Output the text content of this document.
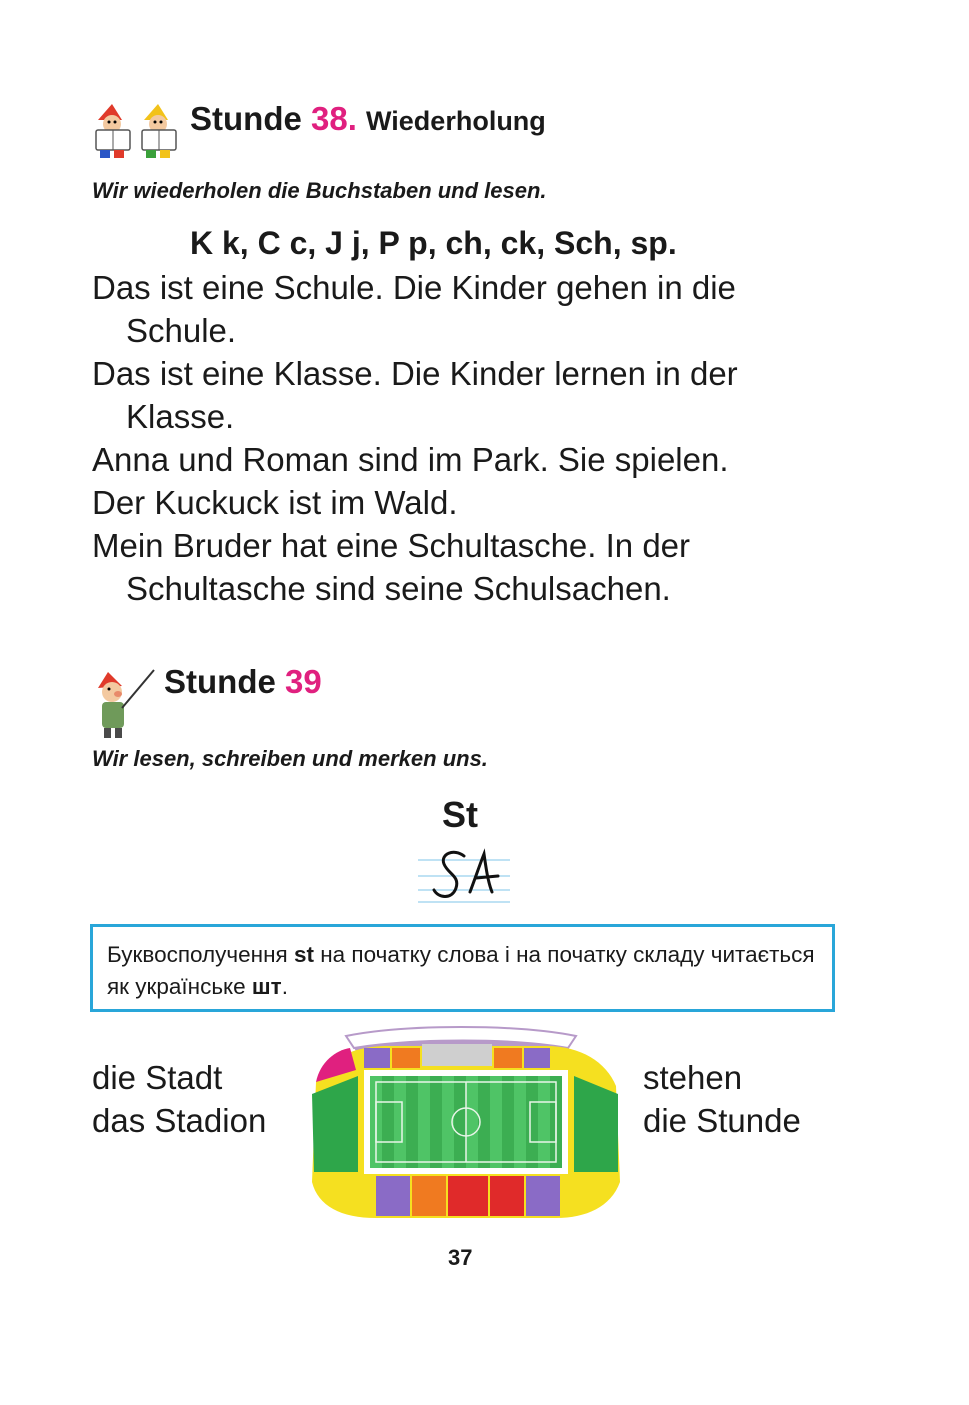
Stunde 38. Wiederholung
Wir wiederholen die Buchstaben und lesen.
K k, C c, J j, P p, ch, ck, Sch, sp.
Das ist eine Schule. Die Kinder gehen in die
Schule.
Das ist eine Klasse. Die Kinder lernen in der
Klasse.
Anna und Roman sind im Park. Sie spielen.
Der Kuckuck ist im Wald.
Mein Bruder hat eine Schultasche. In der
Schultasche sind seine Schulsachen.
Stunde 39
Wir lesen, schreiben und merken uns.
St
Буквосполучення st на початку слова і на початку складу читається як українське шт.
die Stadt
das Stadion
stehen
die Stunde
37
